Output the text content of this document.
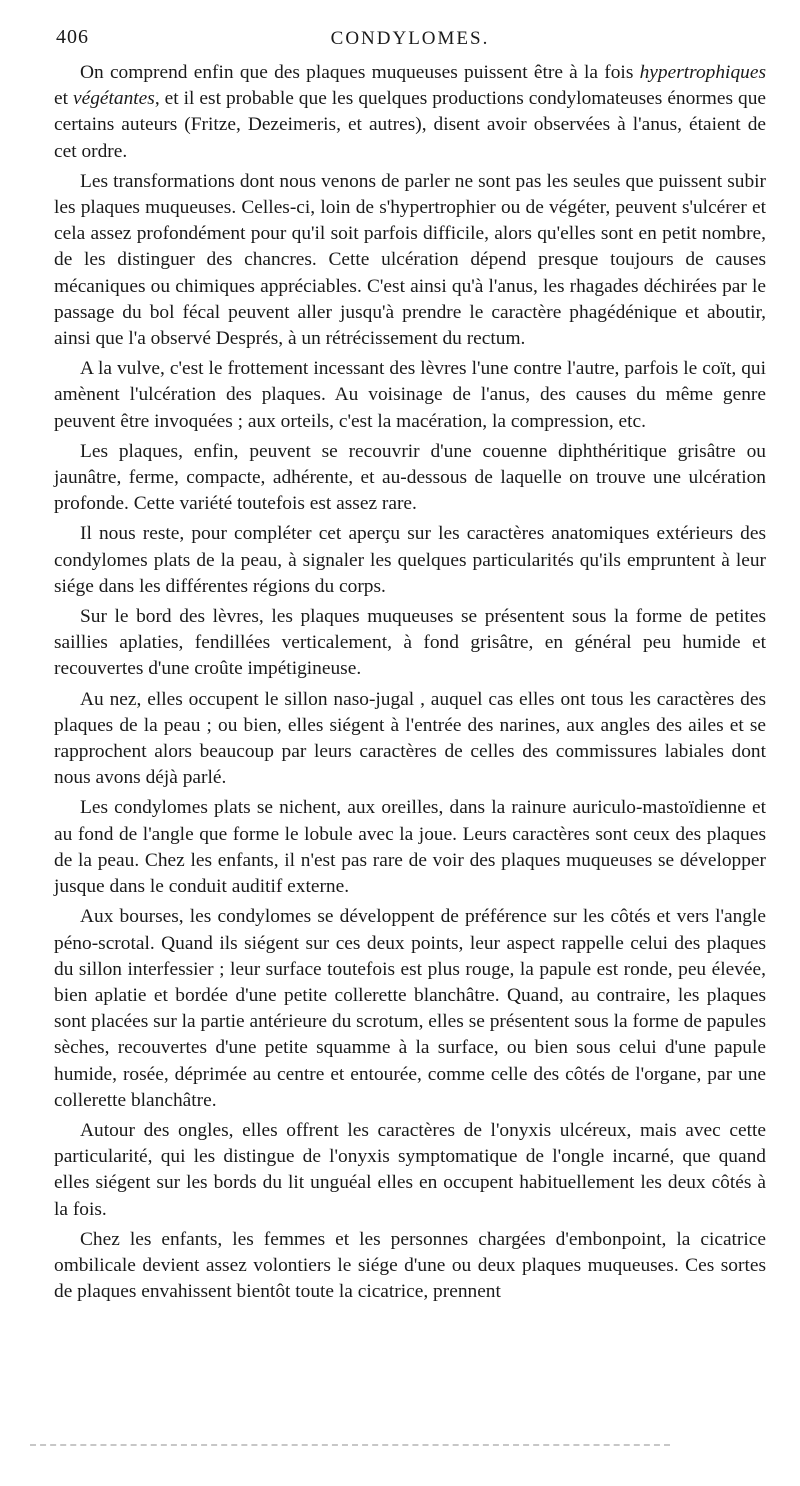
406	CONDYLOMES.

On comprend enfin que des plaques muqueuses puissent être à la fois hypertrophiques et végétantes, et il est probable que les quelques productions condylomateuses énormes que certains auteurs (Fritze, Dezeimeris, et autres), disent avoir observées à l'anus, étaient de cet ordre.

Les transformations dont nous venons de parler ne sont pas les seules que puissent subir les plaques muqueuses. Celles-ci, loin de s'hypertrophier ou de végéter, peuvent s'ulcérer et cela assez profondément pour qu'il soit parfois difficile, alors qu'elles sont en petit nombre, de les distinguer des chancres. Cette ulcération dépend presque toujours de causes mécaniques ou chimiques appréciables. C'est ainsi qu'à l'anus, les rhagades déchirées par le passage du bol fécal peuvent aller jusqu'à prendre le caractère phagédénique et aboutir, ainsi que l'a observé Després, à un rétrécissement du rectum.

A la vulve, c'est le frottement incessant des lèvres l'une contre l'autre, parfois le coït, qui amènent l'ulcération des plaques. Au voisinage de l'anus, des causes du même genre peuvent être invoquées ; aux orteils, c'est la macération, la compression, etc.

Les plaques, enfin, peuvent se recouvrir d'une couenne diphthéritique grisâtre ou jaunâtre, ferme, compacte, adhérente, et au-dessous de laquelle on trouve une ulcération profonde. Cette variété toutefois est assez rare.

Il nous reste, pour compléter cet aperçu sur les caractères anatomiques extérieurs des condylomes plats de la peau, à signaler les quelques particularités qu'ils empruntent à leur siége dans les différentes régions du corps.

Sur le bord des lèvres, les plaques muqueuses se présentent sous la forme de petites saillies aplaties, fendillées verticalement, à fond grisâtre, en général peu humide et recouvertes d'une croûte impétigineuse.

Au nez, elles occupent le sillon naso-jugal , auquel cas elles ont tous les caractères des plaques de la peau ; ou bien, elles siégent à l'entrée des narines, aux angles des ailes et se rapprochent alors beaucoup par leurs caractères de celles des commissures labiales dont nous avons déjà parlé.

Les condylomes plats se nichent, aux oreilles, dans la rainure auriculo-mastoïdienne et au fond de l'angle que forme le lobule avec la joue. Leurs caractères sont ceux des plaques de la peau. Chez les enfants, il n'est pas rare de voir des plaques muqueuses se développer jusque dans le conduit auditif externe.

Aux bourses, les condylomes se développent de préférence sur les côtés et vers l'angle péno-scrotal. Quand ils siégent sur ces deux points, leur aspect rappelle celui des plaques du sillon interfessier ; leur surface toutefois est plus rouge, la papule est ronde, peu élevée, bien aplatie et bordée d'une petite collerette blanchâtre. Quand, au contraire, les plaques sont placées sur la partie antérieure du scrotum, elles se présentent sous la forme de papules sèches, recouvertes d'une petite squamme à la surface, ou bien sous celui d'une papule humide, rosée, déprimée au centre et entourée, comme celle des côtés de l'organe, par une collerette blanchâtre.

Autour des ongles, elles offrent les caractères de l'onyxis ulcéreux, mais avec cette particularité, qui les distingue de l'onyxis symptomatique de l'ongle incarné, que quand elles siégent sur les bords du lit unguéal elles en occupent habituellement les deux côtés à la fois.

Chez les enfants, les femmes et les personnes chargées d'embonpoint, la cicatrice ombilicale devient assez volontiers le siége d'une ou deux plaques muqueuses. Ces sortes de plaques envahissent bientôt toute la cicatrice, prennent
